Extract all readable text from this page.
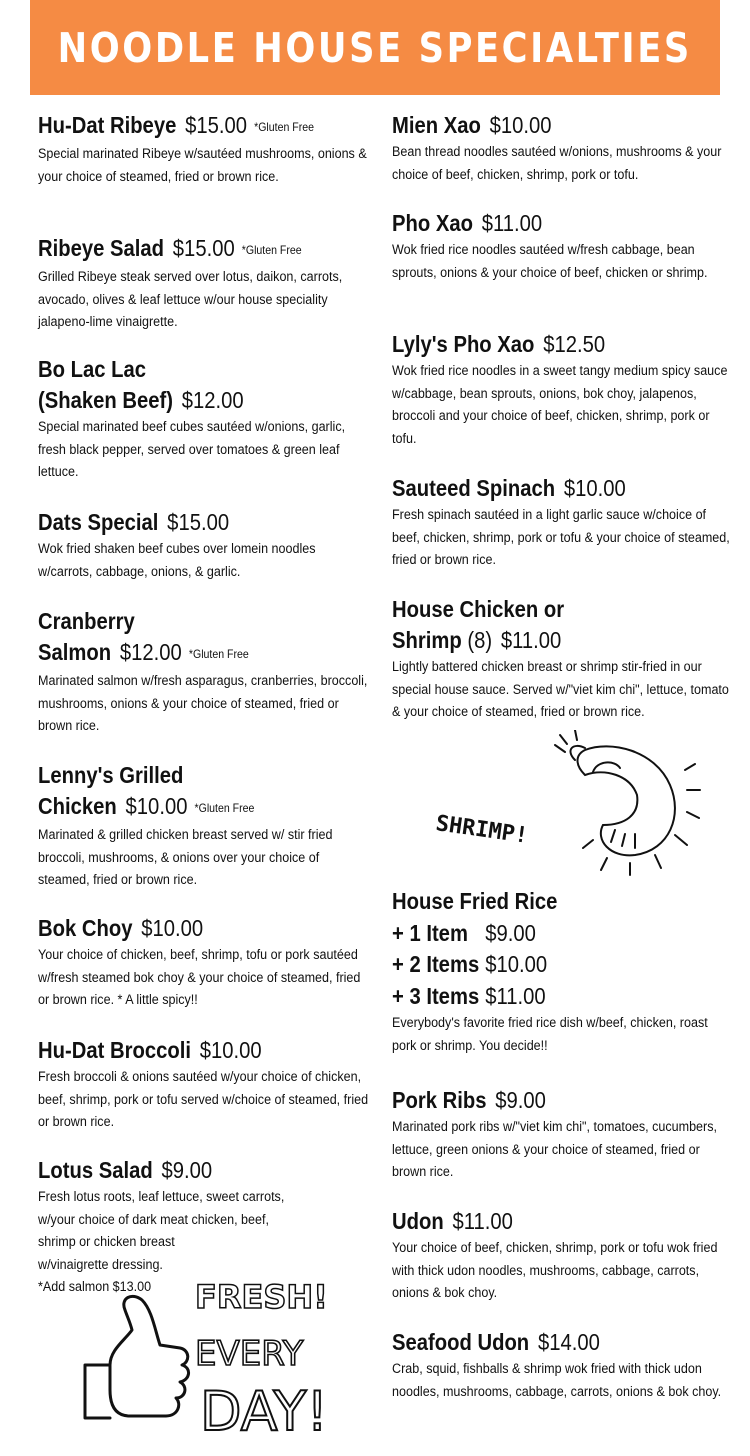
NOODLE HOUSE SPECIALTIES
Hu-Dat Ribeye $15.00 *Gluten Free
Special marinated Ribeye w/sautéed mushrooms, onions & your choice of steamed, fried or brown rice.
Ribeye Salad $15.00 *Gluten Free
Grilled Ribeye steak served over lotus, daikon, carrots, avocado, olives & leaf lettuce w/our house speciality jalapeno-lime vinaigrette.
Bo Lac Lac
(Shaken Beef) $12.00
Special marinated beef cubes sautéed w/onions, garlic, fresh black pepper, served over tomatoes & green leaf lettuce.
Dats Special $15.00
Wok fried shaken beef cubes over lomein noodles w/carrots, cabbage, onions, & garlic.
Cranberry
Salmon $12.00 *Gluten Free
Marinated salmon w/fresh asparagus, cranberries, broccoli, mushrooms, onions & your choice of steamed, fried or brown rice.
Lenny's Grilled
Chicken $10.00 *Gluten Free
Marinated & grilled chicken breast served w/ stir fried broccoli, mushrooms, & onions over your choice of steamed, fried or brown rice.
Bok Choy $10.00
Your choice of chicken, beef, shrimp, tofu or pork sautéed w/fresh steamed bok choy & your choice of steamed, fried or brown rice. * A little spicy!!
Hu-Dat Broccoli $10.00
Fresh broccoli & onions sautéed w/your choice of chicken, beef, shrimp, pork or tofu served w/choice of steamed, fried or brown rice.
Lotus Salad $9.00

Fresh lotus roots, leaf lettuce, sweet carrots,

w/your choice of dark meat chicken, beef,

shrimp or chicken breast

w/vinaigrette dressing.

*Add salmon $13.00

Mien Xao $10.00
Bean thread noodles sautéed w/onions, mushrooms & your choice of beef, chicken, shrimp, pork or tofu.
Pho Xao $11.00
Wok fried rice noodles sautéed w/fresh cabbage, bean sprouts, onions & your choice of beef, chicken or shrimp.
Lyly's Pho Xao $12.50
Wok fried rice noodles in a sweet tangy medium spicy sauce w/cabbage, bean sprouts, onions, bok choy, jalapenos, broccoli and your choice of beef, chicken, shrimp, pork or tofu.
Sauteed Spinach $10.00
Fresh spinach sautéed in a light garlic sauce w/choice of beef, chicken, shrimp, pork or tofu & your choice of steamed, fried or brown rice.
House Chicken or
Shrimp (8) $11.00
Lightly battered chicken breast or shrimp stir-fried in our special house sauce. Served w/"viet kim chi", lettuce, tomato & your choice of steamed, fried or brown rice.
House Fried Rice
+ 1 Item $9.00
+ 2 Items $10.00
+ 3 Items $11.00
Everybody's favorite fried rice dish w/beef, chicken, roast pork or shrimp. You decide!!
Pork Ribs $9.00
Marinated pork ribs w/"viet kim chi", tomatoes, cucumbers, lettuce, green onions & your choice of steamed, fried or brown rice.
Udon $11.00
Your choice of beef, chicken, shrimp, pork or tofu wok fried with thick udon noodles, mushrooms, cabbage, carrots, onions & bok choy.
Seafood Udon $14.00
Crab, squid, fishballs & shrimp wok fried with thick udon noodles, mushrooms, cabbage, carrots, onions & bok choy.
SHRIMP!
FRESH!
EVERY
DAY!
